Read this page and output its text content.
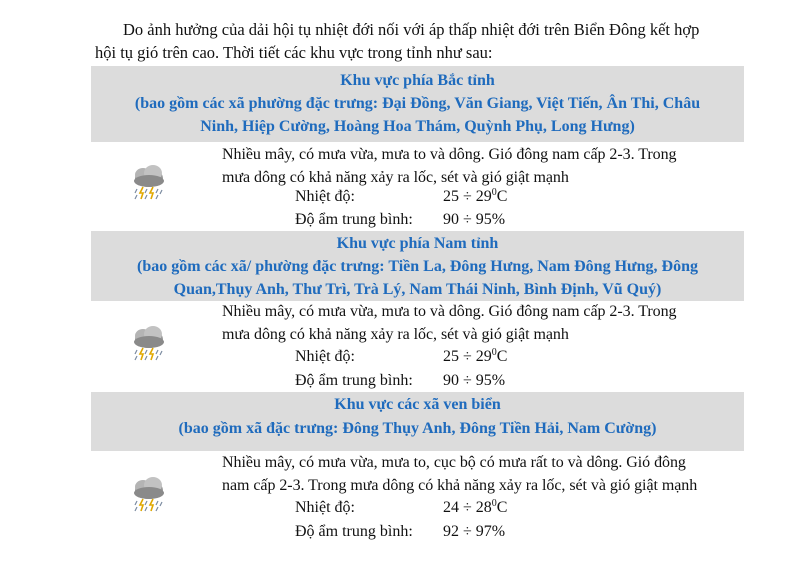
Do ảnh hưởng của dải hội tụ nhiệt đới nối với áp thấp nhiệt đới trên Biển Đông kết hợp
hội tụ gió trên cao. Thời tiết các khu vực trong tỉnh như sau:
Khu vực phía Bắc tỉnh
(bao gồm các xã phường đặc trưng: Đại Đồng, Văn Giang, Việt Tiến, Ân Thi, Châu
Ninh, Hiệp Cường, Hoàng Hoa Thám, Quỳnh Phụ, Long Hưng)
Nhiều mây, có mưa vừa, mưa to và dông. Gió đông nam cấp 2-3. Trong
mưa dông có khả năng xảy ra lốc, sét và gió giật mạnh
Nhiệt độ:	$25 \div 29^0C$
Độ ẩm trung bình: 90 ÷ 95%
Khu vực phía Nam tỉnh
(bao gồm các xã/ phường đặc trưng: Tiền La, Đông Hưng, Nam Đông Hưng, Đông
Quan,Thụy Anh, Thư Trì, Trà Lý, Nam Thái Ninh, Bình Định, Vũ Quý)
Nhiều mây, có mưa vừa, mưa to và dông. Gió đông nam cấp 2-3. Trong
mưa dông có khả năng xảy ra lốc, sét và gió giật mạnh
Nhiệt độ:	$25 \div 29^0C$
Độ ẩm trung bình: 90 ÷ 95%
Khu vực các xã ven biển
(bao gồm xã đặc trưng: Đông Thụy Anh, Đông Tiền Hải, Nam Cường)
Nhiều mây, có mưa vừa, mưa to, cục bộ có mưa rất to và dông. Gió đông
nam cấp 2-3. Trong mưa dông có khả năng xảy ra lốc, sét và gió giật mạnh
Nhiệt độ:	$24 \div 28^0C$
Độ ẩm trung bình: 92 ÷ 97%
